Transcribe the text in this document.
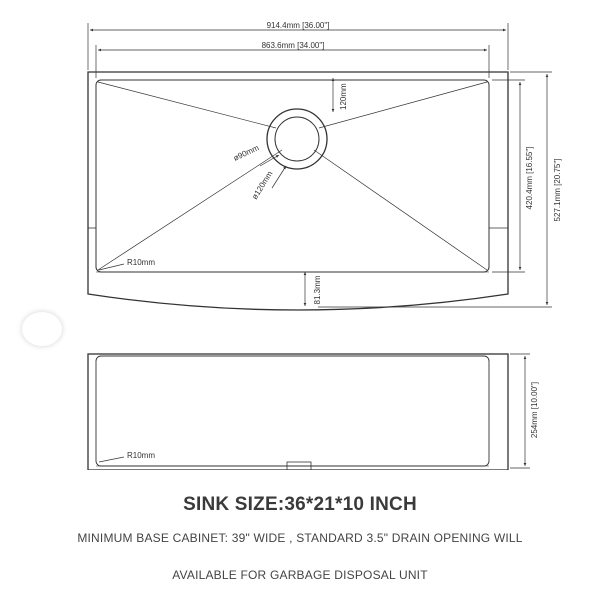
914.4mm [36.00"]
863.6mm [34.00"]
120mm
ø90mm
ø120mm	420.4mm [16.55"] 527.1mm [20.75"]
R10mm
81.3mm
254mm [10.00"]
R10mm

SINK SIZE:36*21*10 INCH

MINIMUM BASE CABINET: 39" WIDE , STANDARD 3.5" DRAIN OPENING WILL

AVAILABLE FOR GARBAGE DISPOSAL UNIT
